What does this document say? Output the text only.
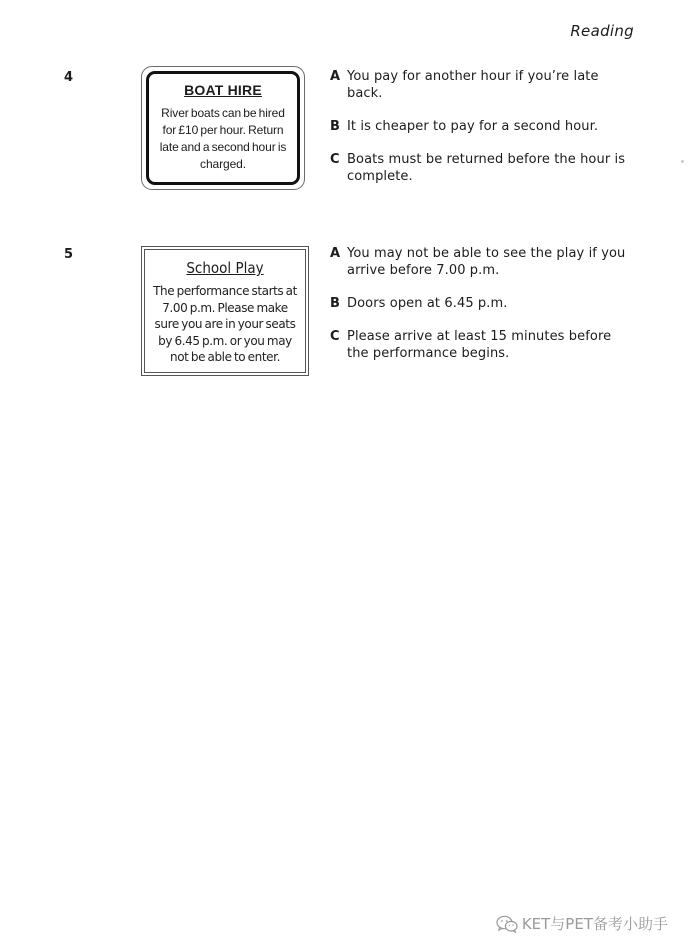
Reading
4
BOAT HIRE
River boats can be hired for £10 per hour. Return late and a second hour is charged.
A You pay for another hour if you’re late back.
B It is cheaper to pay for a second hour.
C Boats must be returned before the hour is complete.
5
School Play
The performance starts at 7.00 p.m. Please make sure you are in your seats by 6.45 p.m. or you may not be able to enter.
A You may not be able to see the play if you arrive before 7.00 p.m.
B Doors open at 6.45 p.m.
C Please arrive at least 15 minutes before the performance begins.
KET与PET备考小助手
